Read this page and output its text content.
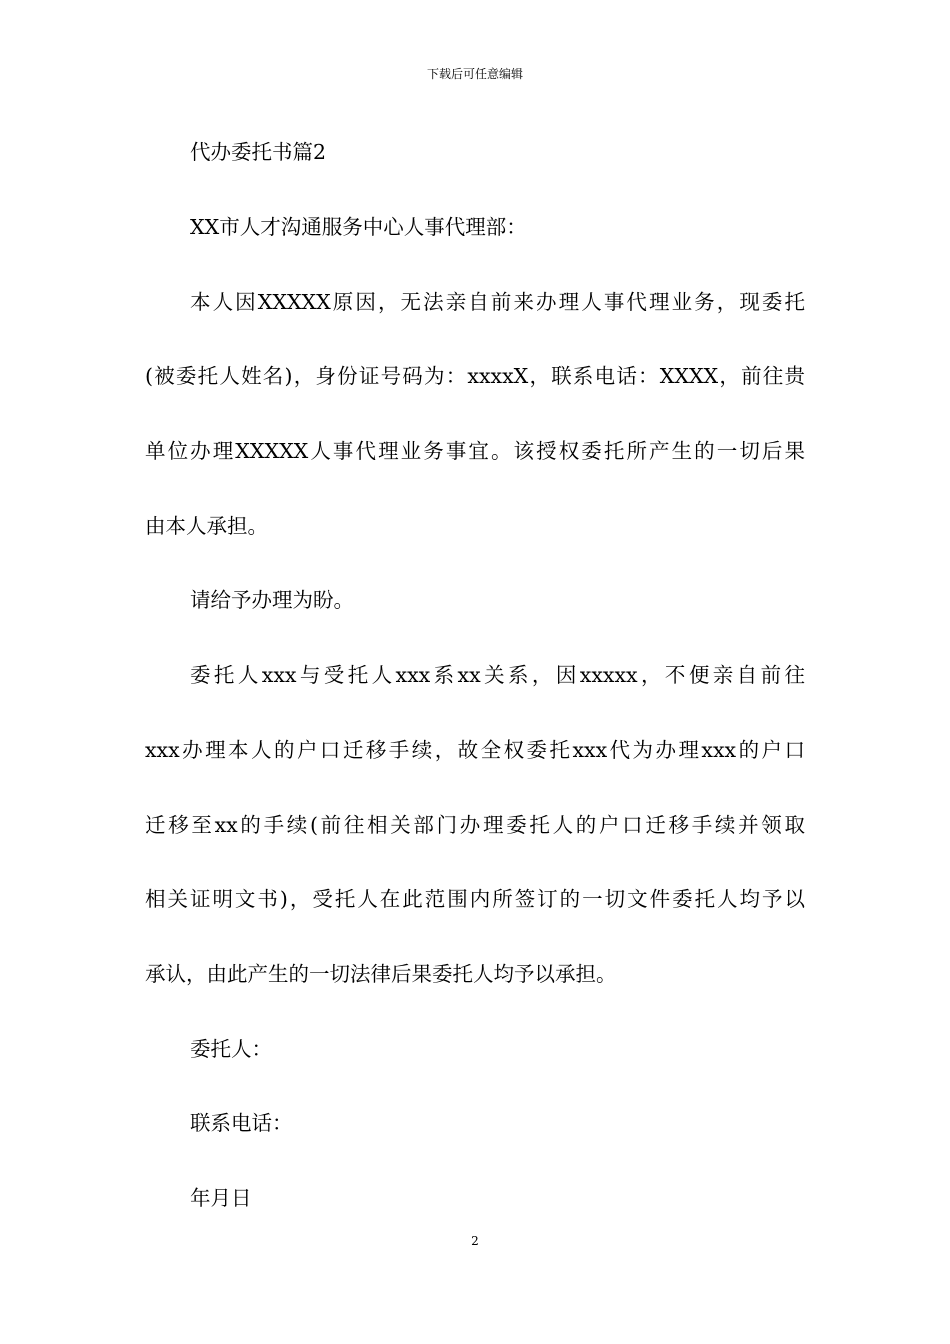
下载后可任意编辑
代办委托书篇2
XX市人才沟通服务中心人事代理部：
本人因XXXXX原因，无法亲自前来办理人事代理业务，现委托
(被委托人姓名)，身份证号码为：xxxxX，联系电话：XXXX，前往贵
单位办理XXXXX人事代理业务事宜。该授权委托所产生的一切后果
由本人承担。
请给予办理为盼。
委托人xxx与受托人xxx系xx关系，因xxxxx，不便亲自前往
xxx办理本人的户口迁移手续，故全权委托xxx代为办理xxx的户口
迁移至xx的手续(前往相关部门办理委托人的户口迁移手续并领取
相关证明文书)，受托人在此范围内所签订的一切文件委托人均予以
承认，由此产生的一切法律后果委托人均予以承担。
委托人：
联系电话：
年月日
2
